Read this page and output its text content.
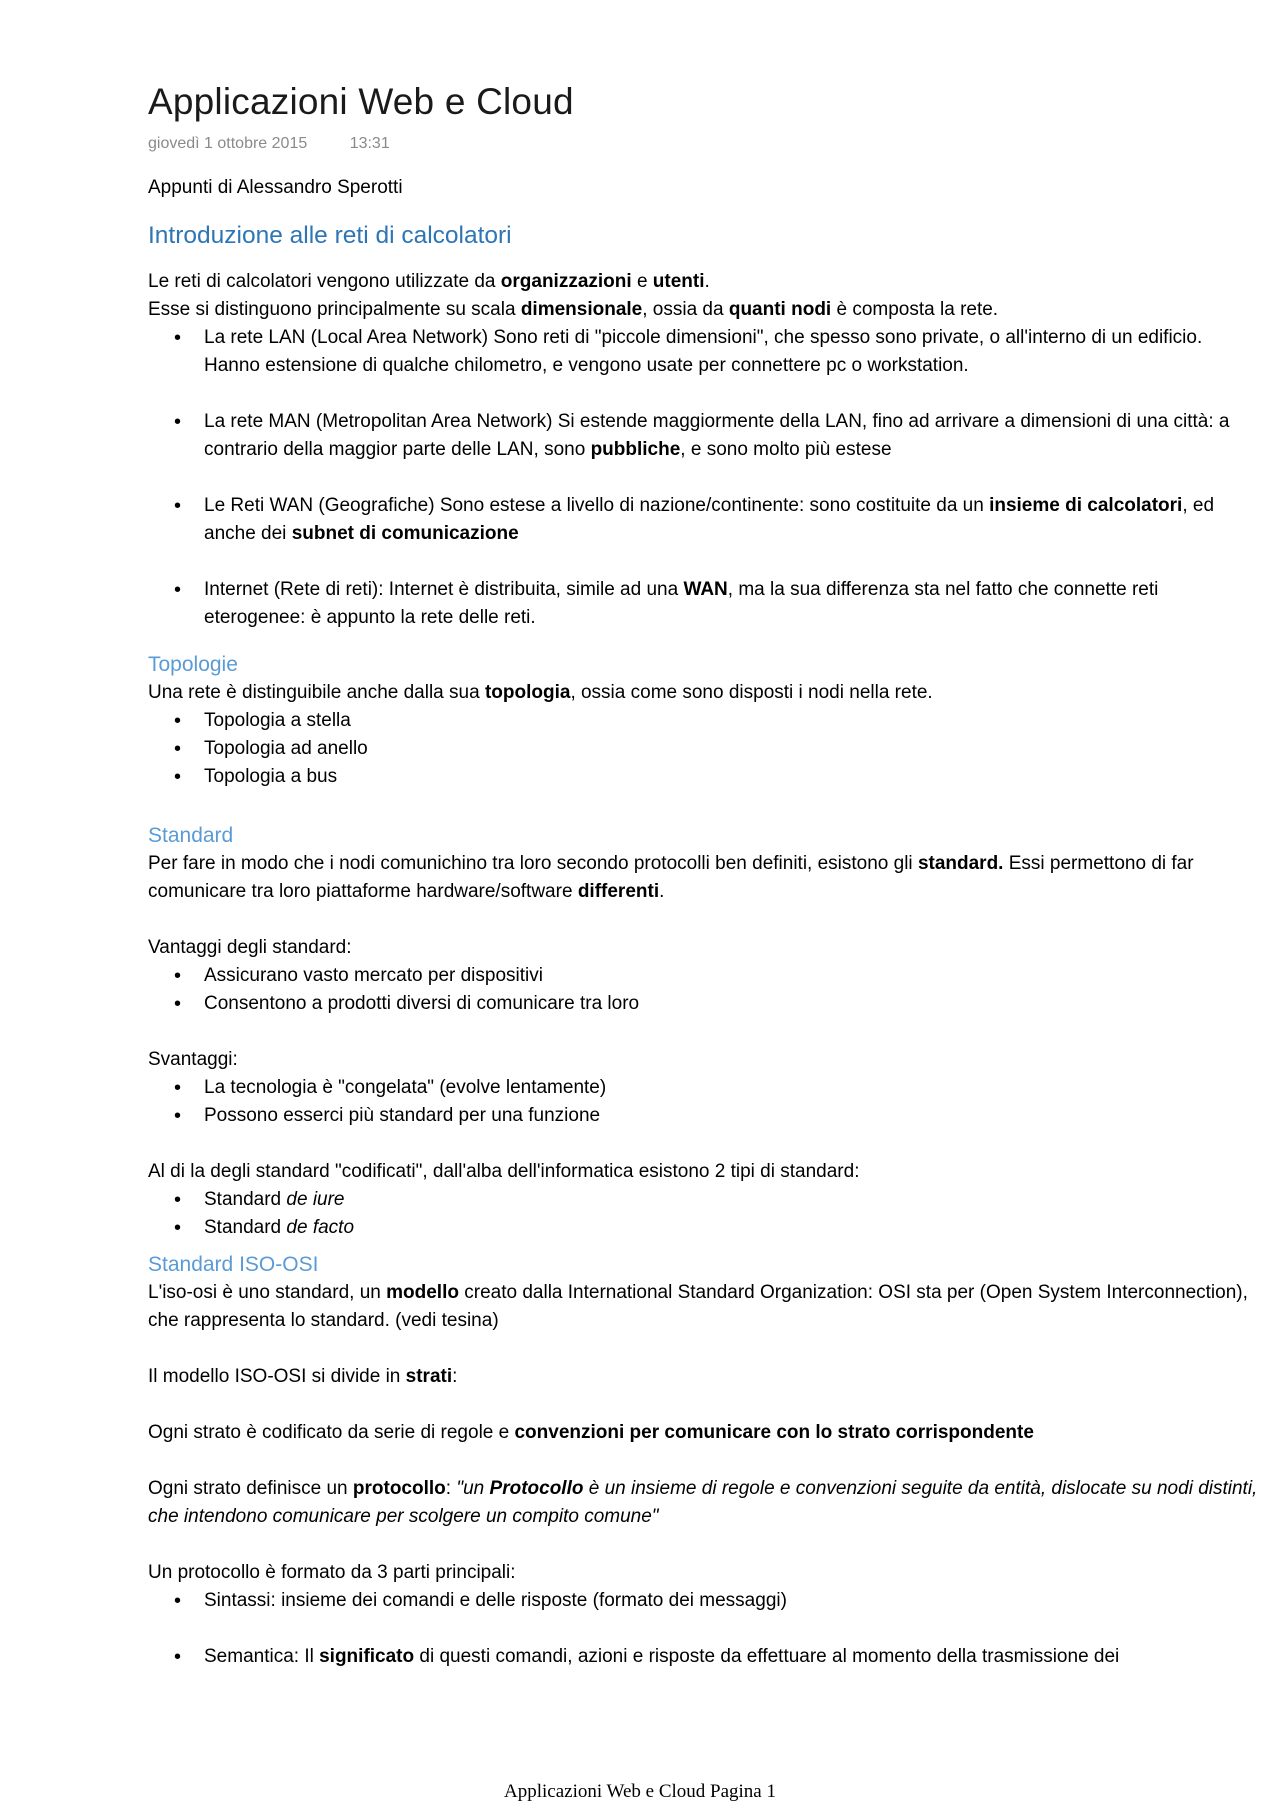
Applicazioni Web e Cloud
giovedì 1 ottobre 2015	13:31

Appunti di Alessandro Sperotti

Introduzione alle reti di calcolatori

Le reti di calcolatori vengono utilizzate da organizzazioni e utenti.

Esse si distinguono principalmente su scala dimensionale, ossia da quanti nodi è composta la rete.

• La rete LAN (Local Area Network) Sono reti di "piccole dimensioni", che spesso sono private, o all'interno di un edificio. Hanno estensione di qualche chilometro, e vengono usate per connettere pc o workstation.
• La rete MAN (Metropolitan Area Network) Si estende maggiormente della LAN, fino ad arrivare a dimensioni di una città: a contrario della maggior parte delle LAN, sono pubbliche, e sono molto più estese
• Le Reti WAN (Geografiche) Sono estese a livello di nazione/continente: sono costituite da un insieme di calcolatori, ed anche dei subnet di comunicazione
• Internet (Rete di reti): Internet è distribuita, simile ad una WAN, ma la sua differenza sta nel fatto che connette reti eterogenee: è appunto la rete delle reti.
Topologie

Una rete è distinguibile anche dalla sua topologia, ossia come sono disposti i nodi nella rete.

• Topologia a stella
• Topologia ad anello
• Topologia a bus
Standard

Per fare in modo che i nodi comunichino tra loro secondo protocolli ben definiti, esistono gli standard. Essi permettono di far comunicare tra loro piattaforme hardware/software differenti.

Vantaggi degli standard:

• Assicurano vasto mercato per dispositivi
• Consentono a prodotti diversi di comunicare tra loro

Svantaggi:

• La tecnologia è "congelata" (evolve lentamente)
• Possono esserci più standard per una funzione

Al di la degli standard "codificati", dall'alba dell'informatica esistono 2 tipi di standard:

• Standard de iure
• Standard de facto
Standard ISO-OSI

L'iso-osi è uno standard, un modello creato dalla International Standard Organization: OSI sta per (Open System Interconnection), che rappresenta lo standard. (vedi tesina)

Il modello ISO-OSI si divide in strati:

Ogni strato è codificato da serie di regole e convenzioni per comunicare con lo strato corrispondente

Ogni strato definisce un protocollo: "un Protocollo è un insieme di regole e convenzioni seguite da entità, dislocate su nodi distinti, che intendono comunicare per scolgere un compito comune"

Un protocollo è formato da 3 parti principali:

• Sintassi: insieme dei comandi e delle risposte (formato dei messaggi)
• Semantica: Il significato di questi comandi, azioni e risposte da effettuare al momento della trasmissione dei
Applicazioni Web e Cloud Pagina 1
